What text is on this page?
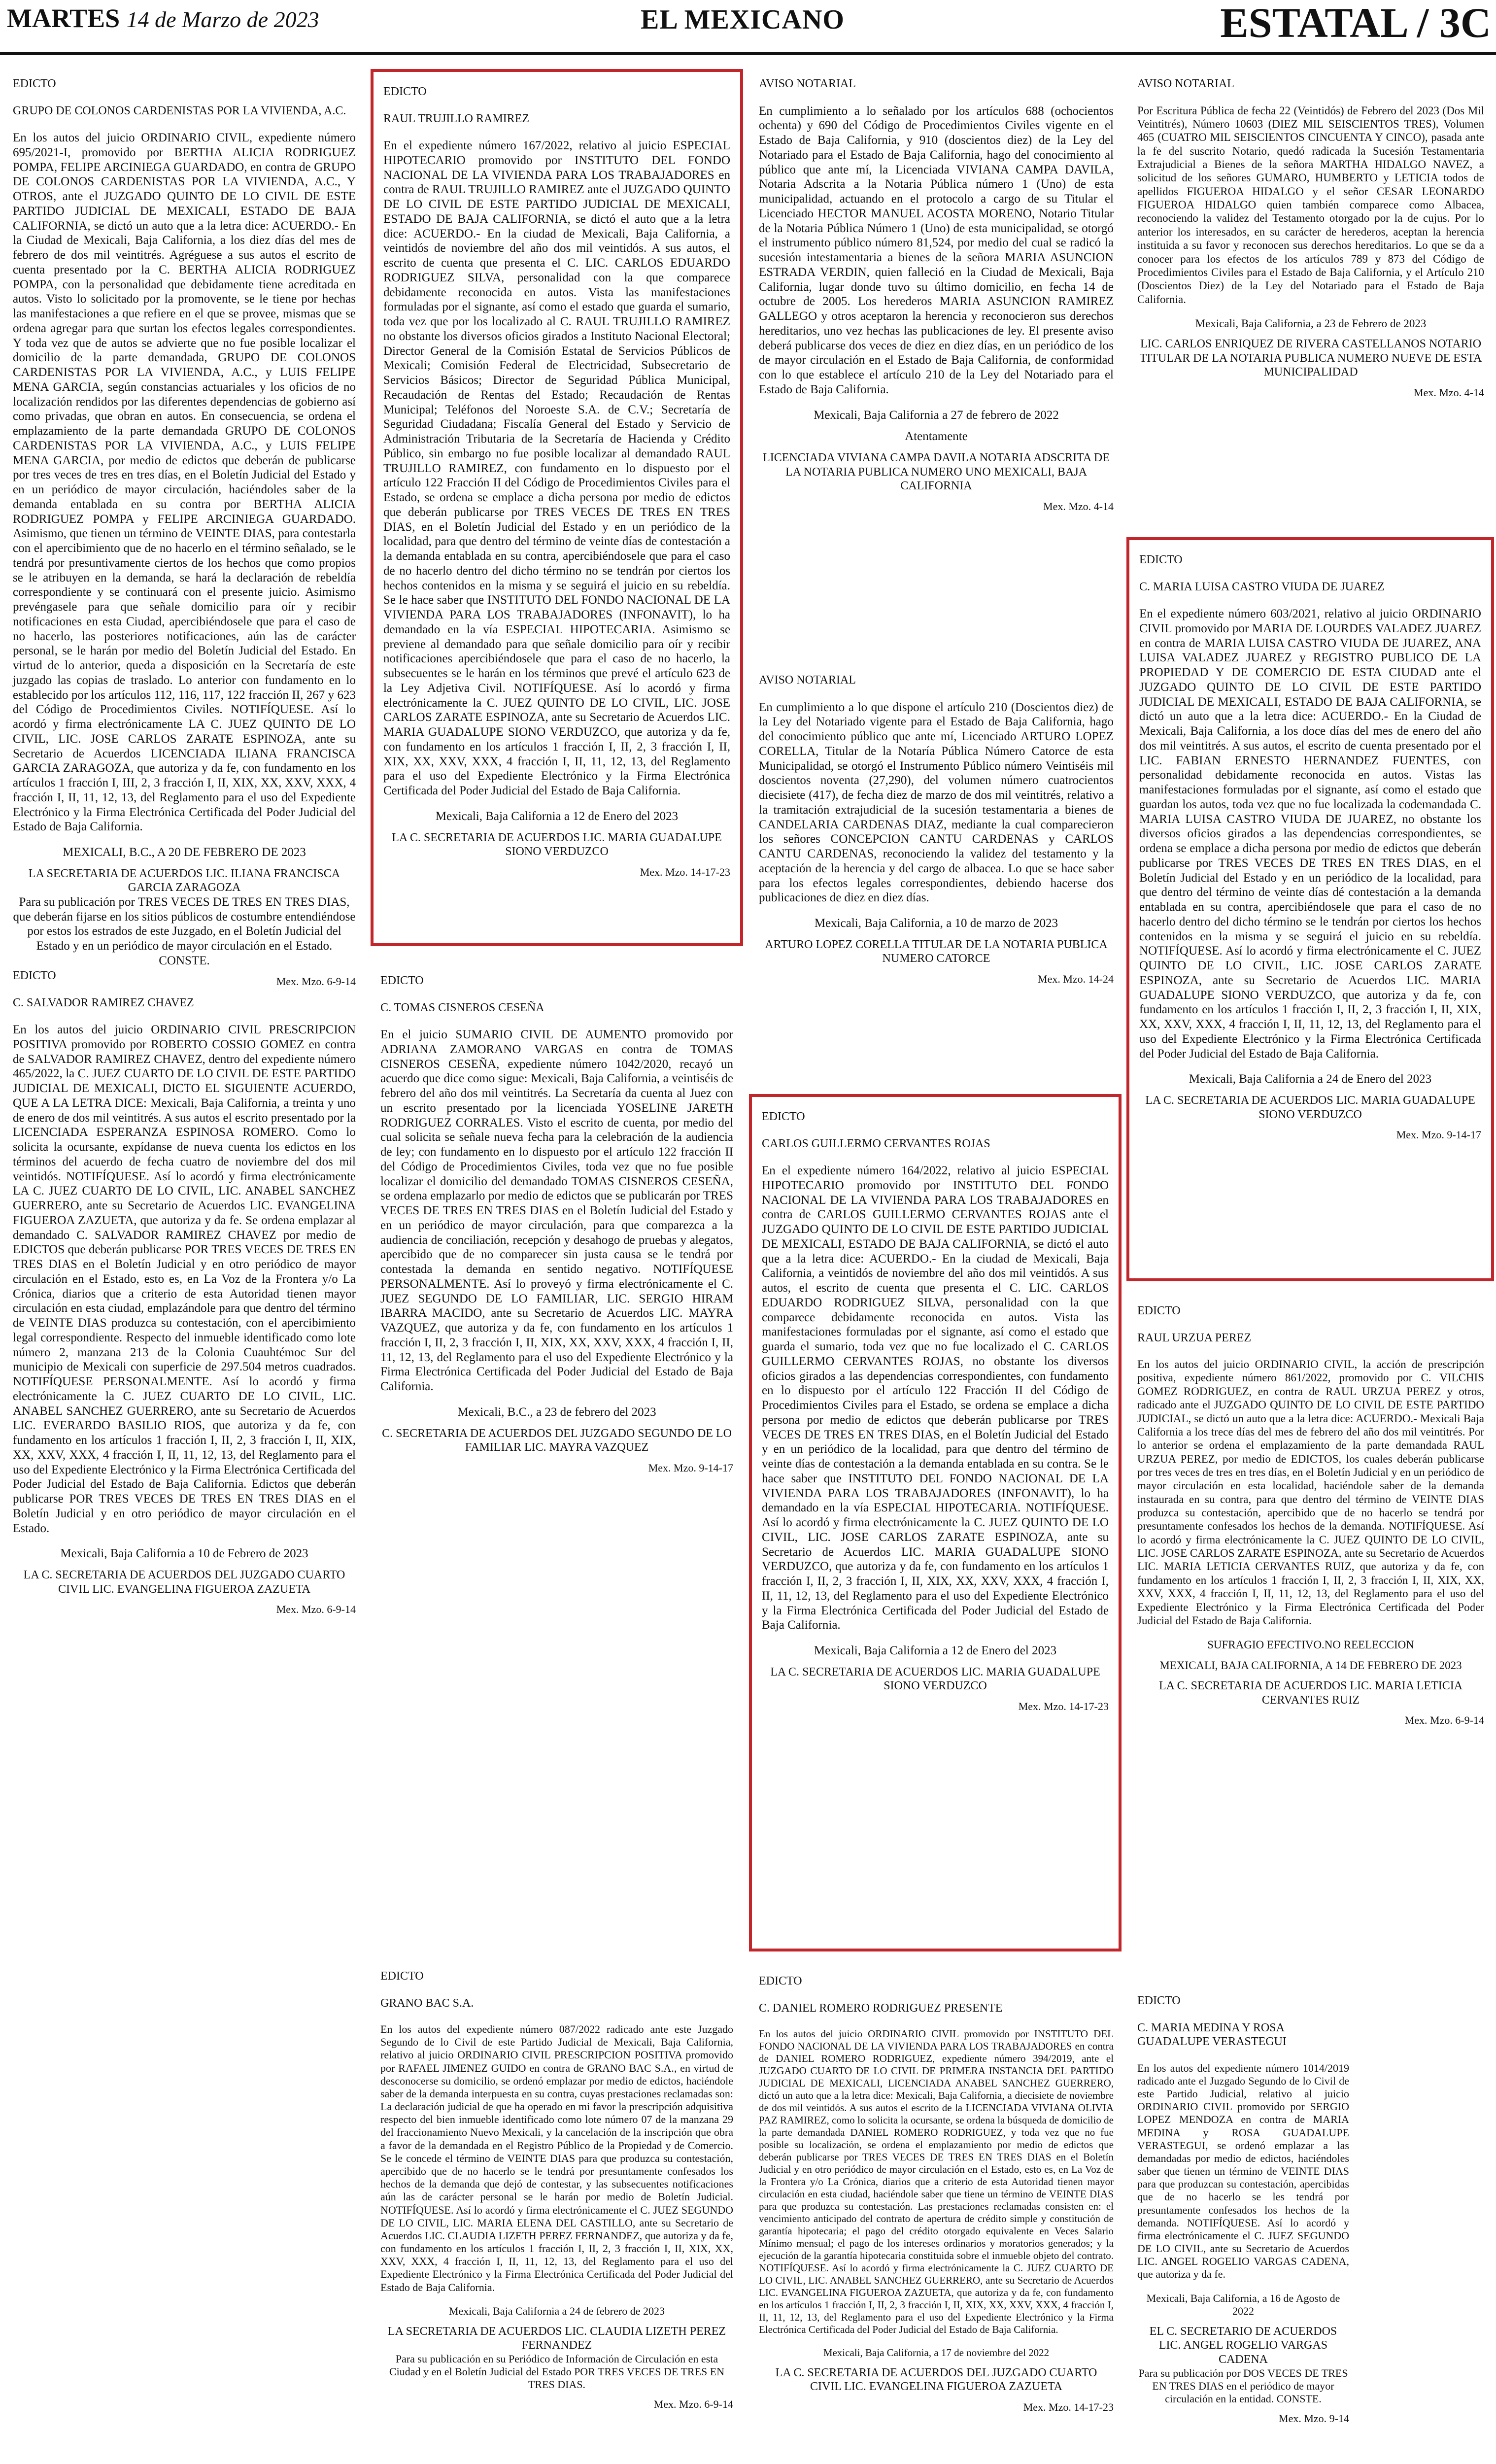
MARTES 14 de Marzo de 2023	EL MEXICANO	ESTATAL / 3C
EDICTO
GRUPO DE COLONOS CARDENISTAS POR LA VIVIENDA, A.C.

En los autos del juicio ORDINARIO CIVIL, expediente número 695/2021-I, promovido por BERTHA ALICIA RODRIGUEZ POMPA, FELIPE ARCINIEGA GUARDADO, en contra de GRUPO DE COLONOS CARDENISTAS POR LA VIVIENDA, A.C., Y OTROS, ante el JUZGADO QUINTO DE LO CIVIL DE ESTE PARTIDO JUDICIAL DE MEXICALI, ESTADO DE BAJA CALIFORNIA, se dictó un auto que a la letra dice: ACUERDO.- En la Ciudad de Mexicali, Baja California, a los diez días del mes de febrero de dos mil veintitrés. Agréguese a sus autos el escrito de cuenta presentado por la C. BERTHA ALICIA RODRIGUEZ POMPA, con la personalidad que debidamente tiene acreditada en autos. Visto lo solicitado por la promovente, se le tiene por hechas las manifestaciones a que refiere en el que se provee, mismas que se ordena agregar para que surtan los efectos legales correspondientes. Y toda vez que de autos se advierte que no fue posible localizar el domicilio de la parte demandada, GRUPO DE COLONOS CARDENISTAS POR LA VIVIENDA, A.C., y LUIS FELIPE MENA GARCIA, según constancias actuariales y los oficios de no localización rendidos por las diferentes dependencias de gobierno así como privadas, que obran en autos. En consecuencia, se ordena el emplazamiento de la parte demandada GRUPO DE COLONOS CARDENISTAS POR LA VIVIENDA, A.C., y LUIS FELIPE MENA GARCIA, por medio de edictos que deberán de publicarse por tres veces de tres en tres días, en el Boletín Judicial del Estado y en un periódico de mayor circulación, haciéndoles saber de la demanda entablada en su contra por BERTHA ALICIA RODRIGUEZ POMPA y FELIPE ARCINIEGA GUARDADO. Asimismo, que tienen un término de VEINTE DIAS, para contestarla con el apercibimiento que de no hacerlo en el término señalado, se le tendrá por presuntivamente ciertos de los hechos que como propios se le atribuyen en la demanda, se hará la declaración de rebeldía correspondiente y se continuará con el presente juicio. Asimismo prevéngasele para que señale domicilio para oír y recibir notificaciones en esta Ciudad, apercibiéndosele que para el caso de no hacerlo, las posteriores notificaciones, aún las de carácter personal, se le harán por medio del Boletín Judicial del Estado. En virtud de lo anterior, queda a disposición en la Secretaría de este juzgado las copias de traslado. Lo anterior con fundamento en lo establecido por los artículos 112, 116, 117, 122 fracción II, 267 y 623 del Código de Procedimientos Civiles. NOTIFÍQUESE. Así lo acordó y firma electrónicamente LA C. JUEZ QUINTO DE LO CIVIL, LIC. JOSE CARLOS ZARATE ESPINOZA, ante su Secretario de Acuerdos LICENCIADA ILIANA FRANCISCA GARCIA ZARAGOZA, que autoriza y da fe, con fundamento en los artículos 1 fracción I, III, 2, 3 fracción I, II, XIX, XX, XXV, XXX, 4 fracción I, II, 11, 12, 13, del Reglamento para el uso del Expediente Electrónico y la Firma Electrónica Certificada del Poder Judicial del Estado de Baja California.

MEXICALI, B.C., A 20 DE FEBRERO DE 2023

LA SECRETARIA DE ACUERDOS LIC. ILIANA FRANCISCA GARCIA ZARAGOZA

Para su publicación por TRES VECES DE TRES EN TRES DIAS, que deberán fijarse en los sitios públicos de costumbre entendiéndose por estos los estrados de este Juzgado, en el Boletín Judicial del Estado y en un periódico de mayor circulación en el Estado. CONSTE.

Mex. Mzo. 6-9-14

EDICTO
C. SALVADOR RAMIREZ CHAVEZ

En los autos del juicio ORDINARIO CIVIL PRESCRIPCION POSITIVA promovido por ROBERTO COSSIO GOMEZ en contra de SALVADOR RAMIREZ CHAVEZ, dentro del expediente número 465/2022, la C. JUEZ CUARTO DE LO CIVIL DE ESTE PARTIDO JUDICIAL DE MEXICALI, DICTO EL SIGUIENTE ACUERDO, QUE A LA LETRA DICE: Mexicali, Baja California, a treinta y uno de enero de dos mil veintitrés. A sus autos el escrito presentado por la LICENCIADA ESPERANZA ESPINOSA ROMERO. Como lo solicita la ocursante, expídanse de nueva cuenta los edictos en los términos del acuerdo de fecha cuatro de noviembre del dos mil veintidós. NOTIFÍQUESE. Así lo acordó y firma electrónicamente LA C. JUEZ CUARTO DE LO CIVIL, LIC. ANABEL SANCHEZ GUERRERO, ante su Secretario de Acuerdos LIC. EVANGELINA FIGUEROA ZAZUETA, que autoriza y da fe. Se ordena emplazar al demandado C. SALVADOR RAMIREZ CHAVEZ por medio de EDICTOS que deberán publicarse POR TRES VECES DE TRES EN TRES DIAS en el Boletín Judicial y en otro periódico de mayor circulación en el Estado, esto es, en La Voz de la Frontera y/o La Crónica, diarios que a criterio de esta Autoridad tienen mayor circulación en esta ciudad, emplazándole para que dentro del término de VEINTE DIAS produzca su contestación, con el apercibimiento legal correspondiente. Respecto del inmueble identificado como lote número 2, manzana 213 de la Colonia Cuauhtémoc Sur del municipio de Mexicali con superficie de 297.504 metros cuadrados. NOTIFÍQUESE PERSONALMENTE. Así lo acordó y firma electrónicamente la C. JUEZ CUARTO DE LO CIVIL, LIC. ANABEL SANCHEZ GUERRERO, ante su Secretario de Acuerdos LIC. EVERARDO BASILIO RIOS, que autoriza y da fe, con fundamento en los artículos 1 fracción I, II, 2, 3 fracción I, II, XIX, XX, XXV, XXX, 4 fracción I, II, 11, 12, 13, del Reglamento para el uso del Expediente Electrónico y la Firma Electrónica Certificada del Poder Judicial del Estado de Baja California. Edictos que deberán publicarse POR TRES VECES DE TRES EN TRES DIAS en el Boletín Judicial y en otro periódico de mayor circulación en el Estado.

Mexicali, Baja California a 10 de Febrero de 2023

LA C. SECRETARIA DE ACUERDOS DEL JUZGADO CUARTO CIVIL LIC. EVANGELINA FIGUEROA ZAZUETA

Mex. Mzo. 6-9-14

EDICTO
RAUL TRUJILLO RAMIREZ

En el expediente número 167/2022, relativo al juicio ESPECIAL HIPOTECARIO promovido por INSTITUTO DEL FONDO NACIONAL DE LA VIVIENDA PARA LOS TRABAJADORES en contra de RAUL TRUJILLO RAMIREZ ante el JUZGADO QUINTO DE LO CIVIL DE ESTE PARTIDO JUDICIAL DE MEXICALI, ESTADO DE BAJA CALIFORNIA, se dictó el auto que a la letra dice: ACUERDO.- En la ciudad de Mexicali, Baja California, a veintidós de noviembre del año dos mil veintidós. A sus autos, el escrito de cuenta que presenta el C. LIC. CARLOS EDUARDO RODRIGUEZ SILVA, personalidad con la que comparece debidamente reconocida en autos. Vista las manifestaciones formuladas por el signante, así como el estado que guarda el sumario, toda vez que por los localizado al C. RAUL TRUJILLO RAMIREZ no obstante los diversos oficios girados a Instituto Nacional Electoral; Director General de la Comisión Estatal de Servicios Públicos de Mexicali; Comisión Federal de Electricidad, Subsecretario de Servicios Básicos; Director de Seguridad Pública Municipal, Recaudación de Rentas del Estado; Recaudación de Rentas Municipal; Teléfonos del Noroeste S.A. de C.V.; Secretaría de Seguridad Ciudadana; Fiscalía General del Estado y Servicio de Administración Tributaria de la Secretaría de Hacienda y Crédito Público, sin embargo no fue posible localizar al demandado RAUL TRUJILLO RAMIREZ, con fundamento en lo dispuesto por el artículo 122 Fracción II del Código de Procedimientos Civiles para el Estado, se ordena se emplace a dicha persona por medio de edictos que deberán publicarse por TRES VECES DE TRES EN TRES DIAS, en el Boletín Judicial del Estado y en un periódico de la localidad, para que dentro del término de veinte días de contestación a la demanda entablada en su contra, apercibiéndosele que para el caso de no hacerlo dentro del dicho término no se tendrán por ciertos los hechos contenidos en la misma y se seguirá el juicio en su rebeldía. Se le hace saber que INSTITUTO DEL FONDO NACIONAL DE LA VIVIENDA PARA LOS TRABAJADORES (INFONAVIT), lo ha demandado en la vía ESPECIAL HIPOTECARIA. Asimismo se previene al demandado para que señale domicilio para oír y recibir notificaciones apercibiéndosele que para el caso de no hacerlo, la subsecuentes se le harán en los términos que prevé el artículo 623 de la Ley Adjetiva Civil. NOTIFÍQUESE. Así lo acordó y firma electrónicamente la C. JUEZ QUINTO DE LO CIVIL, LIC. JOSE CARLOS ZARATE ESPINOZA, ante su Secretario de Acuerdos LIC. MARIA GUADALUPE SIONO VERDUZCO, que autoriza y da fe, con fundamento en los artículos 1 fracción I, II, 2, 3 fracción I, II, XIX, XX, XXV, XXX, 4 fracción I, II, 11, 12, 13, del Reglamento para el uso del Expediente Electrónico y la Firma Electrónica Certificada del Poder Judicial del Estado de Baja California.

Mexicali, Baja California a 12 de Enero del 2023

LA C. SECRETARIA DE ACUERDOS LIC. MARIA GUADALUPE SIONO VERDUZCO

Mex. Mzo. 14-17-23

EDICTO
C. TOMAS CISNEROS CESEÑA

En el juicio SUMARIO CIVIL DE AUMENTO promovido por ADRIANA ZAMORANO VARGAS en contra de TOMAS CISNEROS CESEÑA, expediente número 1042/2020, recayó un acuerdo que dice como sigue: Mexicali, Baja California, a veintiséis de febrero del año dos mil veintitrés. La Secretaría da cuenta al Juez con un escrito presentado por la licenciada YOSELINE JARETH RODRIGUEZ CORRALES. Visto el escrito de cuenta, por medio del cual solicita se señale nueva fecha para la celebración de la audiencia de ley; con fundamento en lo dispuesto por el artículo 122 fracción II del Código de Procedimientos Civiles, toda vez que no fue posible localizar el domicilio del demandado TOMAS CISNEROS CESEÑA, se ordena emplazarlo por medio de edictos que se publicarán por TRES VECES DE TRES EN TRES DIAS en el Boletín Judicial del Estado y en un periódico de mayor circulación, para que comparezca a la audiencia de conciliación, recepción y desahogo de pruebas y alegatos, apercibido que de no comparecer sin justa causa se le tendrá por contestada la demanda en sentido negativo. NOTIFÍQUESE PERSONALMENTE. Así lo proveyó y firma electrónicamente el C. JUEZ SEGUNDO DE LO FAMILIAR, LIC. SERGIO HIRAM IBARRA MACIDO, ante su Secretario de Acuerdos LIC. MAYRA VAZQUEZ, que autoriza y da fe, con fundamento en los artículos 1 fracción I, II, 2, 3 fracción I, II, XIX, XX, XXV, XXX, 4 fracción I, II, 11, 12, 13, del Reglamento para el uso del Expediente Electrónico y la Firma Electrónica Certificada del Poder Judicial del Estado de Baja California.

Mexicali, B.C., a 23 de febrero del 2023

C. SECRETARIA DE ACUERDOS DEL JUZGADO SEGUNDO DE LO FAMILIAR LIC. MAYRA VAZQUEZ

Mex. Mzo. 9-14-17

EDICTO
GRANO BAC S.A.

En los autos del expediente número 087/2022 radicado ante este Juzgado Segundo de lo Civil de este Partido Judicial de Mexicali, Baja California, relativo al juicio ORDINARIO CIVIL PRESCRIPCION POSITIVA promovido por RAFAEL JIMENEZ GUIDO en contra de GRANO BAC S.A., en virtud de desconocerse su domicilio, se ordenó emplazar por medio de edictos, haciéndole saber de la demanda interpuesta en su contra, cuyas prestaciones reclamadas son: La declaración judicial de que ha operado en mi favor la prescripción adquisitiva respecto del bien inmueble identificado como lote número 07 de la manzana 29 del fraccionamiento Nuevo Mexicali, y la cancelación de la inscripción que obra a favor de la demandada en el Registro Público de la Propiedad y de Comercio. Se le concede el término de VEINTE DIAS para que produzca su contestación, apercibido que de no hacerlo se le tendrá por presuntamente confesados los hechos de la demanda que dejó de contestar, y las subsecuentes notificaciones aún las de carácter personal se le harán por medio de Boletín Judicial. NOTIFÍQUESE. Así lo acordó y firma electrónicamente el C. JUEZ SEGUNDO DE LO CIVIL, LIC. MARIA ELENA DEL CASTILLO, ante su Secretario de Acuerdos LIC. CLAUDIA LIZETH PEREZ FERNANDEZ, que autoriza y da fe, con fundamento en los artículos 1 fracción I, II, 2, 3 fracción I, II, XIX, XX, XXV, XXX, 4 fracción I, II, 11, 12, 13, del Reglamento para el uso del Expediente Electrónico y la Firma Electrónica Certificada del Poder Judicial del Estado de Baja California.

Mexicali, Baja California a 24 de febrero de 2023

LA SECRETARIA DE ACUERDOS LIC. CLAUDIA LIZETH PEREZ FERNANDEZ

Para su publicación en su Periódico de Información de Circulación en esta Ciudad y en el Boletín Judicial del Estado POR TRES VECES DE TRES EN TRES DIAS.

Mex. Mzo. 6-9-14

AVISO NOTARIAL

En cumplimiento a lo señalado por los artículos 688 (ochocientos ochenta) y 690 del Código de Procedimientos Civiles vigente en el Estado de Baja California, y 910 (doscientos diez) de la Ley del Notariado para el Estado de Baja California, hago del conocimiento al público que ante mí, la Licenciada VIVIANA CAMPA DAVILA, Notaria Adscrita a la Notaria Pública número 1 (Uno) de esta municipalidad, actuando en el protocolo a cargo de su Titular el Licenciado HECTOR MANUEL ACOSTA MORENO, Notario Titular de la Notaria Pública Número 1 (Uno) de esta municipalidad, se otorgó el instrumento público número 81,524, por medio del cual se radicó la sucesión intestamentaria a bienes de la señora MARIA ASUNCION ESTRADA VERDIN, quien falleció en la Ciudad de Mexicali, Baja California, lugar donde tuvo su último domicilio, en fecha 14 de octubre de 2005. Los herederos MARIA ASUNCION RAMIREZ GALLEGO y otros aceptaron la herencia y reconocieron sus derechos hereditarios, uno vez hechas las publicaciones de ley. El presente aviso deberá publicarse dos veces de diez en diez días, en un periódico de los de mayor circulación en el Estado de Baja California, de conformidad con lo que establece el artículo 210 de la Ley del Notariado para el Estado de Baja California.

Mexicali, Baja California a 27 de febrero de 2022

Atentamente

LICENCIADA VIVIANA CAMPA DAVILA NOTARIA ADSCRITA DE LA NOTARIA PUBLICA NUMERO UNO MEXICALI, BAJA CALIFORNIA

Mex. Mzo. 4-14

AVISO NOTARIAL

En cumplimiento a lo que dispone el artículo 210 (Doscientos diez) de la Ley del Notariado vigente para el Estado de Baja California, hago del conocimiento público que ante mí, Licenciado ARTURO LOPEZ CORELLA, Titular de la Notaría Pública Número Catorce de esta Municipalidad, se otorgó el Instrumento Público número Veintiséis mil doscientos noventa (27,290), del volumen número cuatrocientos diecisiete (417), de fecha diez de marzo de dos mil veintitrés, relativo a la tramitación extrajudicial de la sucesión testamentaria a bienes de CANDELARIA CARDENAS DIAZ, mediante la cual comparecieron los señores CONCEPCION CANTU CARDENAS y CARLOS CANTU CARDENAS, reconociendo la validez del testamento y la aceptación de la herencia y del cargo de albacea. Lo que se hace saber para los efectos legales correspondientes, debiendo hacerse dos publicaciones de diez en diez días.

Mexicali, Baja California, a 10 de marzo de 2023

ARTURO LOPEZ CORELLA TITULAR DE LA NOTARIA PUBLICA NUMERO CATORCE

Mex. Mzo. 14-24

EDICTO
CARLOS GUILLERMO CERVANTES ROJAS

En el expediente número 164/2022, relativo al juicio ESPECIAL HIPOTECARIO promovido por INSTITUTO DEL FONDO NACIONAL DE LA VIVIENDA PARA LOS TRABAJADORES en contra de CARLOS GUILLERMO CERVANTES ROJAS ante el JUZGADO QUINTO DE LO CIVIL DE ESTE PARTIDO JUDICIAL DE MEXICALI, ESTADO DE BAJA CALIFORNIA, se dictó el auto que a la letra dice: ACUERDO.- En la ciudad de Mexicali, Baja California, a veintidós de noviembre del año dos mil veintidós. A sus autos, el escrito de cuenta que presenta el C. LIC. CARLOS EDUARDO RODRIGUEZ SILVA, personalidad con la que comparece debidamente reconocida en autos. Vista las manifestaciones formuladas por el signante, así como el estado que guarda el sumario, toda vez que no fue localizado el C. CARLOS GUILLERMO CERVANTES ROJAS, no obstante los diversos oficios girados a las dependencias correspondientes, con fundamento en lo dispuesto por el artículo 122 Fracción II del Código de Procedimientos Civiles para el Estado, se ordena se emplace a dicha persona por medio de edictos que deberán publicarse por TRES VECES DE TRES EN TRES DIAS, en el Boletín Judicial del Estado y en un periódico de la localidad, para que dentro del término de veinte días de contestación a la demanda entablada en su contra. Se le hace saber que INSTITUTO DEL FONDO NACIONAL DE LA VIVIENDA PARA LOS TRABAJADORES (INFONAVIT), lo ha demandado en la vía ESPECIAL HIPOTECARIA. NOTIFÍQUESE. Así lo acordó y firma electrónicamente la C. JUEZ QUINTO DE LO CIVIL, LIC. JOSE CARLOS ZARATE ESPINOZA, ante su Secretario de Acuerdos LIC. MARIA GUADALUPE SIONO VERDUZCO, que autoriza y da fe, con fundamento en los artículos 1 fracción I, II, 2, 3 fracción I, II, XIX, XX, XXV, XXX, 4 fracción I, II, 11, 12, 13, del Reglamento para el uso del Expediente Electrónico y la Firma Electrónica Certificada del Poder Judicial del Estado de Baja California.

Mexicali, Baja California a 12 de Enero del 2023

LA C. SECRETARIA DE ACUERDOS LIC. MARIA GUADALUPE SIONO VERDUZCO

Mex. Mzo. 14-17-23

EDICTO
C. DANIEL ROMERO RODRIGUEZ PRESENTE

En los autos del juicio ORDINARIO CIVIL promovido por INSTITUTO DEL FONDO NACIONAL DE LA VIVIENDA PARA LOS TRABAJADORES en contra de DANIEL ROMERO RODRIGUEZ, expediente número 394/2019, ante el JUZGADO CUARTO DE LO CIVIL DE PRIMERA INSTANCIA DEL PARTIDO JUDICIAL DE MEXICALI, LICENCIADA ANABEL SANCHEZ GUERRERO, dictó un auto que a la letra dice: Mexicali, Baja California, a diecisiete de noviembre de dos mil veintidós. A sus autos el escrito de la LICENCIADA VIVIANA OLIVIA PAZ RAMIREZ, como lo solicita la ocursante, se ordena la búsqueda de domicilio de la parte demandada DANIEL ROMERO RODRIGUEZ, y toda vez que no fue posible su localización, se ordena el emplazamiento por medio de edictos que deberán publicarse por TRES VECES DE TRES EN TRES DIAS en el Boletín Judicial y en otro periódico de mayor circulación en el Estado, esto es, en La Voz de la Frontera y/o La Crónica, diarios que a criterio de esta Autoridad tienen mayor circulación en esta ciudad, haciéndole saber que tiene un término de VEINTE DIAS para que produzca su contestación. Las prestaciones reclamadas consisten en: el vencimiento anticipado del contrato de apertura de crédito simple y constitución de garantía hipotecaria; el pago del crédito otorgado equivalente en Veces Salario Mínimo mensual; el pago de los intereses ordinarios y moratorios generados; y la ejecución de la garantía hipotecaria constituida sobre el inmueble objeto del contrato. NOTIFÍQUESE. Así lo acordó y firma electrónicamente la C. JUEZ CUARTO DE LO CIVIL, LIC. ANABEL SANCHEZ GUERRERO, ante su Secretario de Acuerdos LIC. EVANGELINA FIGUEROA ZAZUETA, que autoriza y da fe, con fundamento en los artículos 1 fracción I, II, 2, 3 fracción I, II, XIX, XX, XXV, XXX, 4 fracción I, II, 11, 12, 13, del Reglamento para el uso del Expediente Electrónico y la Firma Electrónica Certificada del Poder Judicial del Estado de Baja California.

Mexicali, Baja California, a 17 de noviembre del 2022

LA C. SECRETARIA DE ACUERDOS DEL JUZGADO CUARTO CIVIL LIC. EVANGELINA FIGUEROA ZAZUETA

Mex. Mzo. 14-17-23

AVISO NOTARIAL

Por Escritura Pública de fecha 22 (Veintidós) de Febrero del 2023 (Dos Mil Veintitrés), Número 10603 (DIEZ MIL SEISCIENTOS TRES), Volumen 465 (CUATRO MIL SEISCIENTOS CINCUENTA Y CINCO), pasada ante la fe del suscrito Notario, quedó radicada la Sucesión Testamentaria Extrajudicial a Bienes de la señora MARTHA HIDALGO NAVEZ, a solicitud de los señores GUMARO, HUMBERTO y LETICIA todos de apellidos FIGUEROA HIDALGO y el señor CESAR LEONARDO FIGUEROA HIDALGO quien también comparece como Albacea, reconociendo la validez del Testamento otorgado por la de cujus. Por lo anterior los interesados, en su carácter de herederos, aceptan la herencia instituida a su favor y reconocen sus derechos hereditarios. Lo que se da a conocer para los efectos de los artículos 789 y 873 del Código de Procedimientos Civiles para el Estado de Baja California, y el Artículo 210 (Doscientos Diez) de la Ley del Notariado para el Estado de Baja California.

Mexicali, Baja California, a 23 de Febrero de 2023

LIC. CARLOS ENRIQUEZ DE RIVERA CASTELLANOS NOTARIO TITULAR DE LA NOTARIA PUBLICA NUMERO NUEVE DE ESTA MUNICIPALIDAD

Mex. Mzo. 4-14

EDICTO
C. MARIA LUISA CASTRO VIUDA DE JUAREZ

En el expediente número 603/2021, relativo al juicio ORDINARIO CIVIL promovido por MARIA DE LOURDES VALADEZ JUAREZ en contra de MARIA LUISA CASTRO VIUDA DE JUAREZ, ANA LUISA VALADEZ JUAREZ y REGISTRO PUBLICO DE LA PROPIEDAD Y DE COMERCIO DE ESTA CIUDAD ante el JUZGADO QUINTO DE LO CIVIL DE ESTE PARTIDO JUDICIAL DE MEXICALI, ESTADO DE BAJA CALIFORNIA, se dictó un auto que a la letra dice: ACUERDO.- En la Ciudad de Mexicali, Baja California, a los doce días del mes de enero del año dos mil veintitrés. A sus autos, el escrito de cuenta presentado por el LIC. FABIAN ERNESTO HERNANDEZ FUENTES, con personalidad debidamente reconocida en autos. Vistas las manifestaciones formuladas por el signante, así como el estado que guardan los autos, toda vez que no fue localizada la codemandada C. MARIA LUISA CASTRO VIUDA DE JUAREZ, no obstante los diversos oficios girados a las dependencias correspondientes, se ordena se emplace a dicha persona por medio de edictos que deberán publicarse por TRES VECES DE TRES EN TRES DIAS, en el Boletín Judicial del Estado y en un periódico de la localidad, para que dentro del término de veinte días dé contestación a la demanda entablada en su contra, apercibiéndosele que para el caso de no hacerlo dentro del dicho término se le tendrán por ciertos los hechos contenidos en la misma y se seguirá el juicio en su rebeldía. NOTIFÍQUESE. Así lo acordó y firma electrónicamente el C. JUEZ QUINTO DE LO CIVIL, LIC. JOSE CARLOS ZARATE ESPINOZA, ante su Secretario de Acuerdos LIC. MARIA GUADALUPE SIONO VERDUZCO, que autoriza y da fe, con fundamento en los artículos 1 fracción I, II, 2, 3 fracción I, II, XIX, XX, XXV, XXX, 4 fracción I, II, 11, 12, 13, del Reglamento para el uso del Expediente Electrónico y la Firma Electrónica Certificada del Poder Judicial del Estado de Baja California.

Mexicali, Baja California a 24 de Enero del 2023

LA C. SECRETARIA DE ACUERDOS LIC. MARIA GUADALUPE SIONO VERDUZCO

Mex. Mzo. 9-14-17

EDICTO
RAUL URZUA PEREZ

En los autos del juicio ORDINARIO CIVIL, la acción de prescripción positiva, expediente número 861/2022, promovido por C. VILCHIS GOMEZ RODRIGUEZ, en contra de RAUL URZUA PEREZ y otros, radicado ante el JUZGADO QUINTO DE LO CIVIL DE ESTE PARTIDO JUDICIAL, se dictó un auto que a la letra dice: ACUERDO.- Mexicali Baja California a los trece días del mes de febrero del año dos mil veintitrés. Por lo anterior se ordena el emplazamiento de la parte demandada RAUL URZUA PEREZ, por medio de EDICTOS, los cuales deberán publicarse por tres veces de tres en tres días, en el Boletín Judicial y en un periódico de mayor circulación en esta localidad, haciéndole saber de la demanda instaurada en su contra, para que dentro del término de VEINTE DIAS produzca su contestación, apercibido que de no hacerlo se tendrá por presuntamente confesados los hechos de la demanda. NOTIFÍQUESE. Así lo acordó y firma electrónicamente la C. JUEZ QUINTO DE LO CIVIL, LIC. JOSE CARLOS ZARATE ESPINOZA, ante su Secretario de Acuerdos LIC. MARIA LETICIA CERVANTES RUIZ, que autoriza y da fe, con fundamento en los artículos 1 fracción I, II, 2, 3 fracción I, II, XIX, XX, XXV, XXX, 4 fracción I, II, 11, 12, 13, del Reglamento para el uso del Expediente Electrónico y la Firma Electrónica Certificada del Poder Judicial del Estado de Baja California.

SUFRAGIO EFECTIVO.NO REELECCION

MEXICALI, BAJA CALIFORNIA, A 14 DE FEBRERO DE 2023

LA C. SECRETARIA DE ACUERDOS LIC. MARIA LETICIA CERVANTES RUIZ

Mex. Mzo. 6-9-14

EDICTO
C. MARIA MEDINA Y ROSA GUADALUPE VERASTEGUI

En los autos del expediente número 1014/2019 radicado ante el Juzgado Segundo de lo Civil de este Partido Judicial, relativo al juicio ORDINARIO CIVIL promovido por SERGIO LOPEZ MENDOZA en contra de MARIA MEDINA y ROSA GUADALUPE VERASTEGUI, se ordenó emplazar a las demandadas por medio de edictos, haciéndoles saber que tienen un término de VEINTE DIAS para que produzcan su contestación, apercibidas que de no hacerlo se les tendrá por presuntamente confesados los hechos de la demanda. NOTIFÍQUESE. Así lo acordó y firma electrónicamente el C. JUEZ SEGUNDO DE LO CIVIL, ante su Secretario de Acuerdos LIC. ANGEL ROGELIO VARGAS CADENA, que autoriza y da fe.

Mexicali, Baja California, a 16 de Agosto de 2022

EL C. SECRETARIO DE ACUERDOS LIC. ANGEL ROGELIO VARGAS CADENA

Para su publicación por DOS VECES DE TRES EN TRES DIAS en el periódico de mayor circulación en la entidad. CONSTE.

Mex. Mzo. 9-14
